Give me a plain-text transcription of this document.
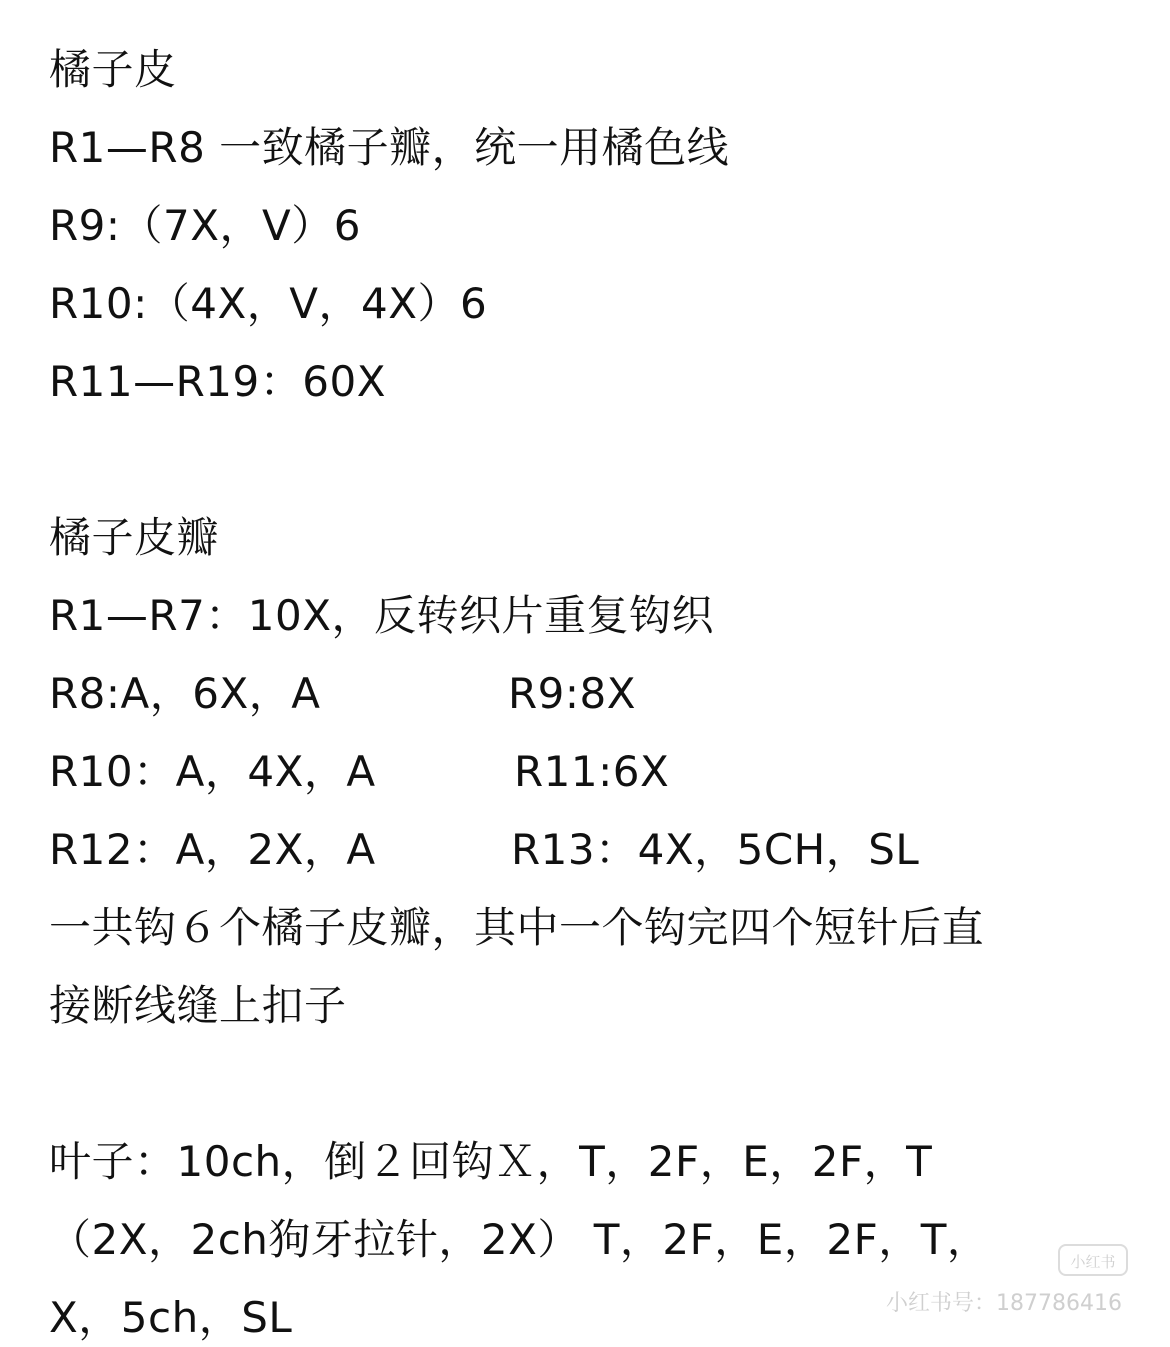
橘子皮
R1—R8 一致橘子瓣，统一用橘色线
R9:（7X，V）6
R10:（4X，V，4X）6
R11—R19：60X
橘子皮瓣
R1—R7：10X，反转织片重复钩织
R8:A，6X，A	R9:8X
R10：A，4X，A	R11:6X
R12：A，2X，A	R13：4X，5CH，SL
一共钩６个橘子皮瓣，其中一个钩完四个短针后直
接断线缝上扣子
叶子：10ch，倒２回钩Ｘ，T，2F，E，2F，T
（2X，2ch狗牙拉针，2X） T，2F，E，2F，T，
X，5ch，SL
小红书
小红书号：187786416
